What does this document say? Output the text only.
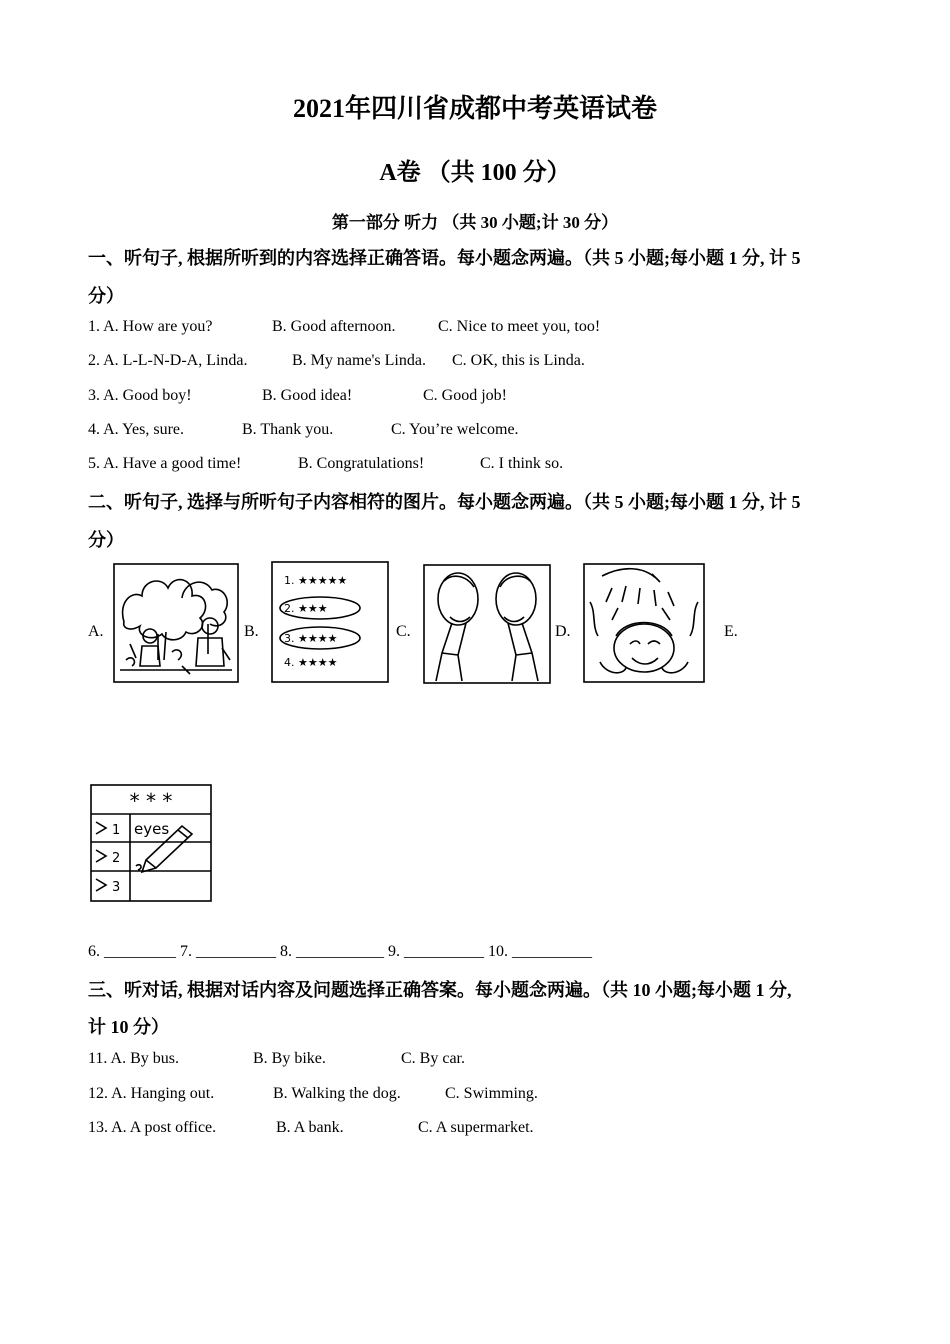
2021年四川省成都中考英语试卷
A卷 （共 100 分）
第一部分 听力 （共 30 小题;计 30 分）
一、听句子, 根据所听到的内容选择正确答语。每小题念两遍。（共 5 小题;每小题 1 分, 计 5
分）
1. A. How are you?	B. Good afternoon.	C. Nice to meet you, too!
2. A. L-L-N-D-A, Linda.	B. My name's Linda. C. OK, this is Linda.
3. A. Good boy!	B. Good idea!	C. Good job!
4. A. Yes, sure.	B. Thank you.	C. You’re welcome.
5. A. Have a good time!	B. Congratulations!	C. I think so.
二、听句子, 选择与所听句子内容相符的图片。每小题念两遍。（共 5 小题;每小题 1 分, 计 5
分）
A.	B.	C.	D.	E.
1. ★★★★★
2. ★★★
3. ★★★★
4. ★★★★
* * *
1
2
3
eyes
6. _________ 7. __________ 8. ___________ 9. __________ 10. __________
三、听对话, 根据对话内容及问题选择正确答案。每小题念两遍。（共 10 小题;每小题 1 分,
计 10 分）
11. A. By bus.	B. By bike.	C. By car.
12. A. Hanging out.	B. Walking the dog.	C. Swimming.
13. A. A post office.	B. A bank.	C. A supermarket.
